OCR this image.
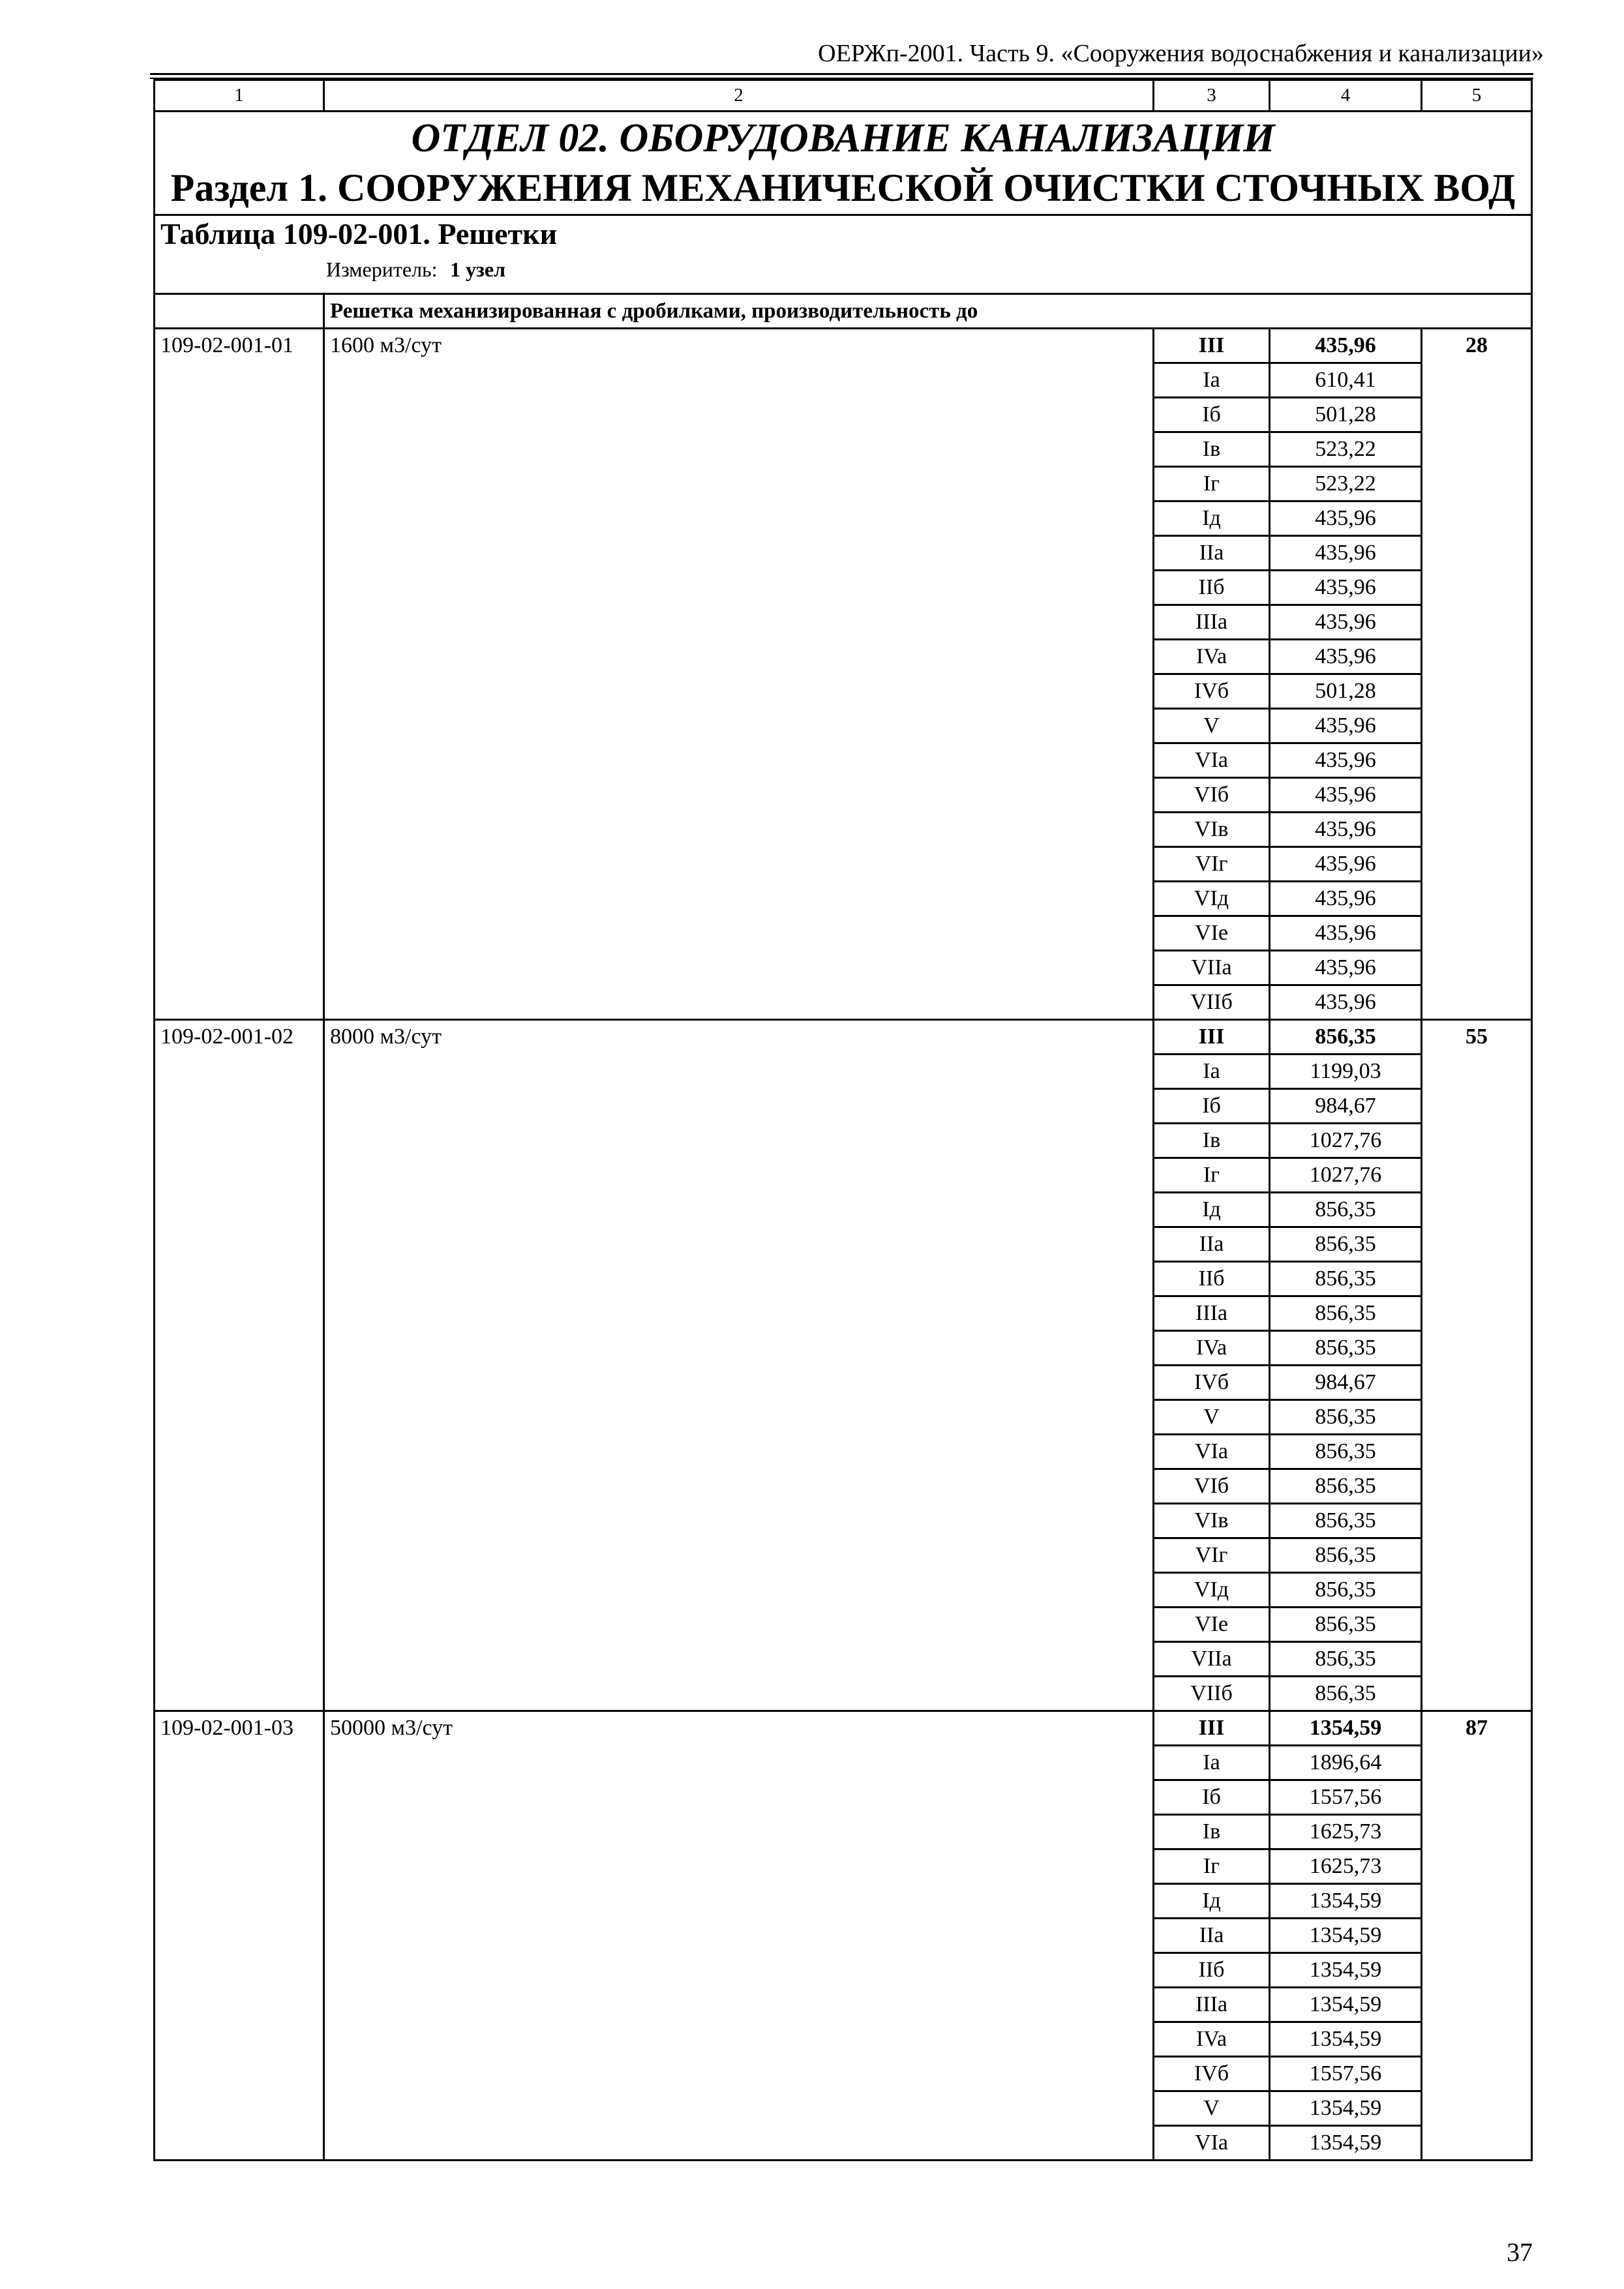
ОЕРЖп-2001. Часть 9. «Сооружения водоснабжения и канализации»
1	2	3	4	5

ОТДЕЛ 02. ОБОРУДОВАНИЕ КАНАЛИЗАЦИИ
Раздел 1. СООРУЖЕНИЯ МЕХАНИЧЕСКОЙ ОЧИСТКИ СТОЧНЫХ ВОД				

Таблица 109-02-001. Решетки
Измеритель: 1 узел				

	Решетка механизированная с дробилками, производительность до			
109-02-001-01	1600 м3/сут	III	435,96	28
		Ia	610,41	
		Iб	501,28	
		Iв	523,22	
		Iг	523,22	
		Iд	435,96	
		IIa	435,96	
		IIб	435,96	
		IIIa	435,96	
		IVa	435,96	
		IVб	501,28	
		V	435,96	
		VIa	435,96	
		VIб	435,96	
		VIв	435,96	
		VIг	435,96	
		VIд	435,96	
		VIe	435,96	
		VIIa	435,96	
		VIIб	435,96	
109-02-001-02	8000 м3/сут	III	856,35	55
		Ia	1199,03	
		Iб	984,67	
		Iв	1027,76	
		Iг	1027,76	
		Iд	856,35	
		IIa	856,35	
		IIб	856,35	
		IIIa	856,35	
		IVa	856,35	
		IVб	984,67	
		V	856,35	
		VIa	856,35	
		VIб	856,35	
		VIв	856,35	
		VIг	856,35	
		VIд	856,35	
		VIe	856,35	
		VIIa	856,35	
		VIIб	856,35	
109-02-001-03	50000 м3/сут	III	1354,59	87
		Ia	1896,64	
		Iб	1557,56	
		Iв	1625,73	
		Iг	1625,73	
		Iд	1354,59	
		IIa	1354,59	
		IIб	1354,59	
		IIIa	1354,59	
		IVa	1354,59	
		IVб	1557,56	
		V	1354,59	
		VIa	1354,59	
37
